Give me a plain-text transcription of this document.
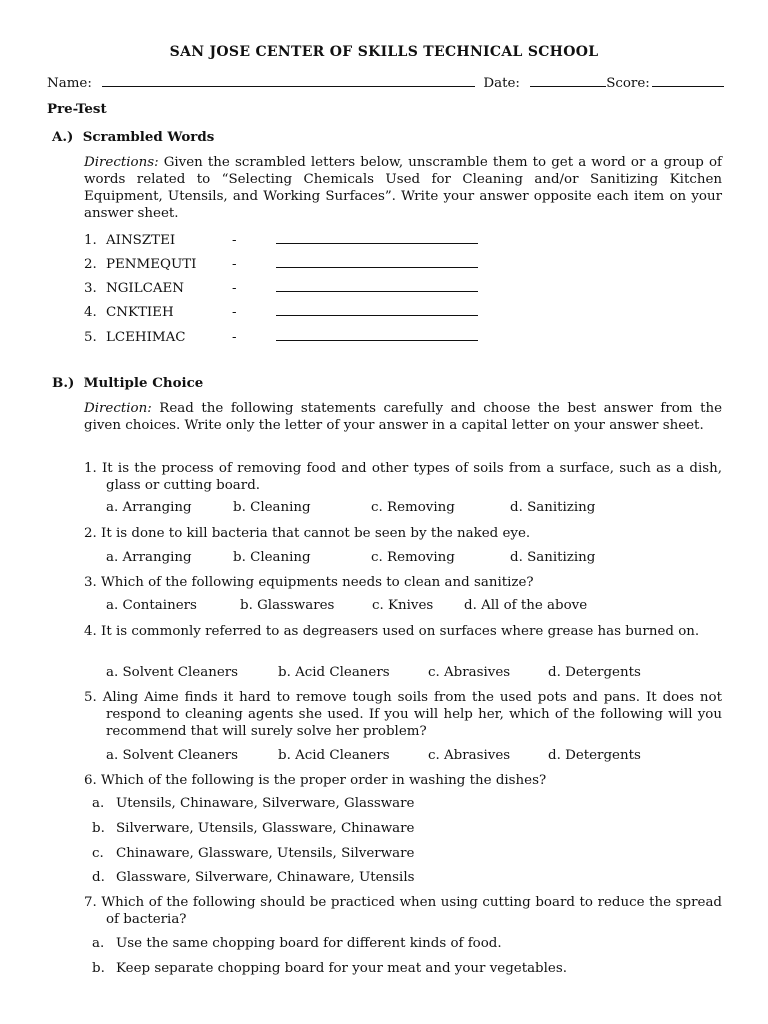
SAN JOSE CENTER OF SKILLS TECHNICAL SCHOOL
Name:	Date:	Score:
Pre-Test
A.)  Scrambled Words
Directions: Given the scrambled letters below, unscramble them to get a word or a group of words related to “Selecting Chemicals Used for Cleaning and/or Sanitizing Kitchen Equipment, Utensils, and Working Surfaces”. Write your answer opposite each item on your answer sheet.
1. AINSZTEI	-
2. PENMEQUTI	-
3. NGILCAEN	-
4. CNKTIEH	-
5. LCEHIMAC	-
B.)  Multiple Choice
Direction: Read the following statements carefully and choose the best answer from the given choices. Write only the letter of your answer in a capital letter on your answer sheet.
1. It is the process of removing food and other types of soils from a surface, such as a dish, glass or cutting board.
a. Arranging	b. Cleaning	c. Removing	d. Sanitizing
2. It is done to kill bacteria that cannot be seen by the naked eye.
a. Arranging	b. Cleaning	c. Removing	d. Sanitizing
3. Which of the following equipments needs to clean and sanitize?
a. Containers	b. Glasswares	c. Knives d. All of the above
4. It is commonly referred to as degreasers used on surfaces where grease has burned on.
a. Solvent Cleaners	b. Acid Cleaners	c. Abrasives	d. Detergents
5. Aling Aime finds it hard to remove tough soils from the used pots and pans. It does not respond to cleaning agents she used. If you will help her, which of the following will you recommend that will surely solve her problem?
a. Solvent Cleaners	b. Acid Cleaners	c. Abrasives	d. Detergents
6. Which of the following is the proper order in washing the dishes?
a. Utensils, Chinaware, Silverware, Glassware
b. Silverware, Utensils, Glassware, Chinaware
c. Chinaware, Glassware, Utensils, Silverware
d. Glassware, Silverware, Chinaware, Utensils
7. Which of the following should be practiced when using cutting board to reduce the spread of bacteria?
a. Use the same chopping board for different kinds of food.
b. Keep separate chopping board for your meat and your vegetables.
